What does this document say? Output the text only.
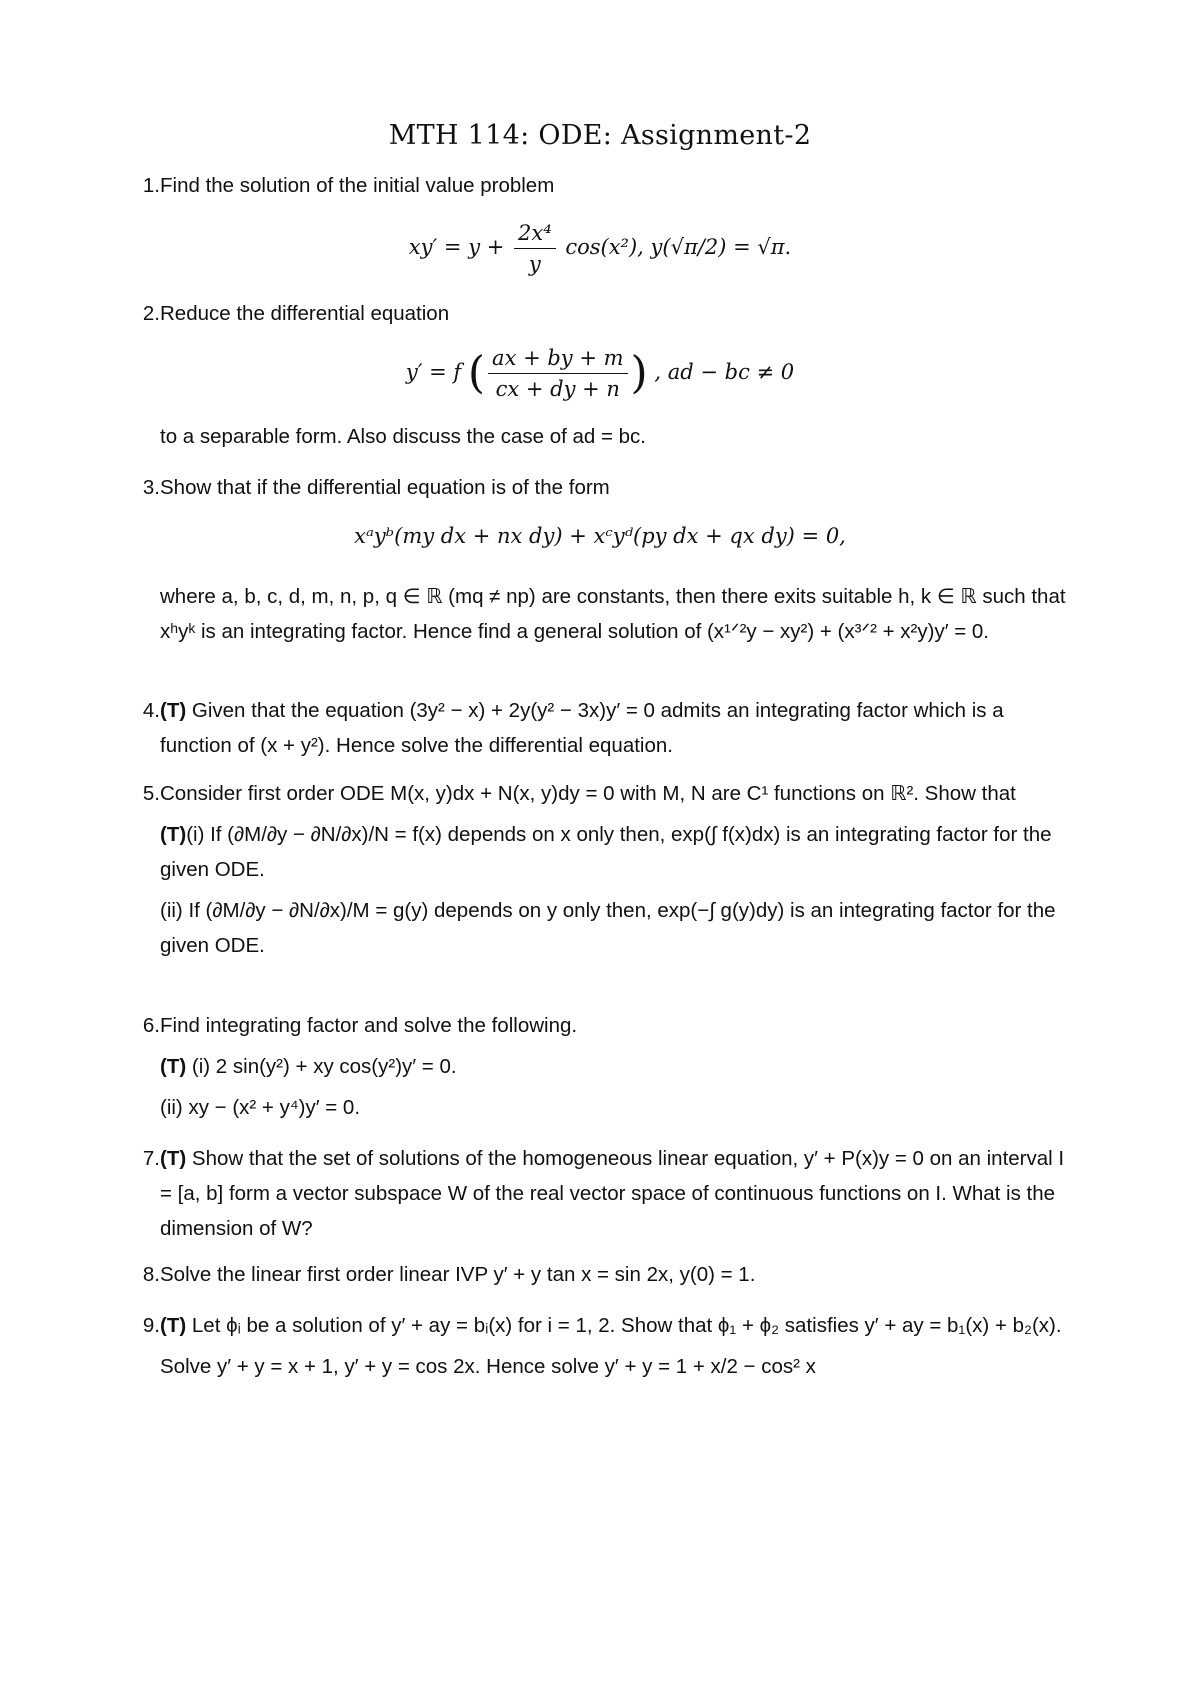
MTH 114: ODE: Assignment-2
1. Find the solution of the initial value problem

$xy' = y + \frac{\text{2x⁴}}{y} \cos(x^2)$, y(√π/2) = √π.
2. Reduce the differential equation

y′ = f ( $\frac{ax + by + m}{cx + dy + n}$ ) , ad − bc ≠ 0

to a separable form. Also discuss the case of ad = bc.

3. Show that if the differential equation is of the form

xᵃyᵇ(my dx + nx dy) + xᶜyᵈ(py dx + qx dy) = 0,

where a, b, c, d, m, n, p, q ∈ ℝ (mq ≠ np) are constants, then there exits suitable h, k ∈ ℝ such that xʰyᵏ is an integrating factor. Hence find a general solution of (x¹ᐟ²y − xy²) + (x³ᐟ² + x²y)y′ = 0.

4. (T) Given that the equation (3y² − x) + 2y(y² − 3x)y′ = 0 admits an integrating factor which is a function of (x + y²). Hence solve the differential equation.

5. Consider first order ODE M(x, y)dx + N(x, y)dy = 0 with M, N are C¹ functions on ℝ². Show that

(T)(i) If (∂M/∂y − ∂N/∂x)/N = f(x) depends on x only then, exp(∫ f(x)dx) is an integrating factor for the given ODE.

(ii) If (∂M/∂y − ∂N/∂x)/M = g(y) depends on y only then, exp(−∫ g(y)dy) is an integrating factor for the given ODE.

6. Find integrating factor and solve the following.

(T) (i) 2 sin(y²) + xy cos(y²)y′ = 0.

(ii) xy − (x² + y⁴)y′ = 0.

7. (T) Show that the set of solutions of the homogeneous linear equation, y′ + P(x)y = 0 on an interval I = [a, b] form a vector subspace W of the real vector space of continuous functions on I. What is the dimension of W?

8. Solve the linear first order linear IVP y′ + y tan x = sin 2x, y(0) = 1.

9. (T) Let ϕᵢ be a solution of y′ + ay = bᵢ(x) for i = 1, 2. Show that ϕ₁ + ϕ₂ satisfies y′ + ay = b₁(x) + b₂(x).

Solve y′ + y = x + 1, y′ + y = cos 2x. Hence solve y′ + y = 1 + x/2 − cos² x
